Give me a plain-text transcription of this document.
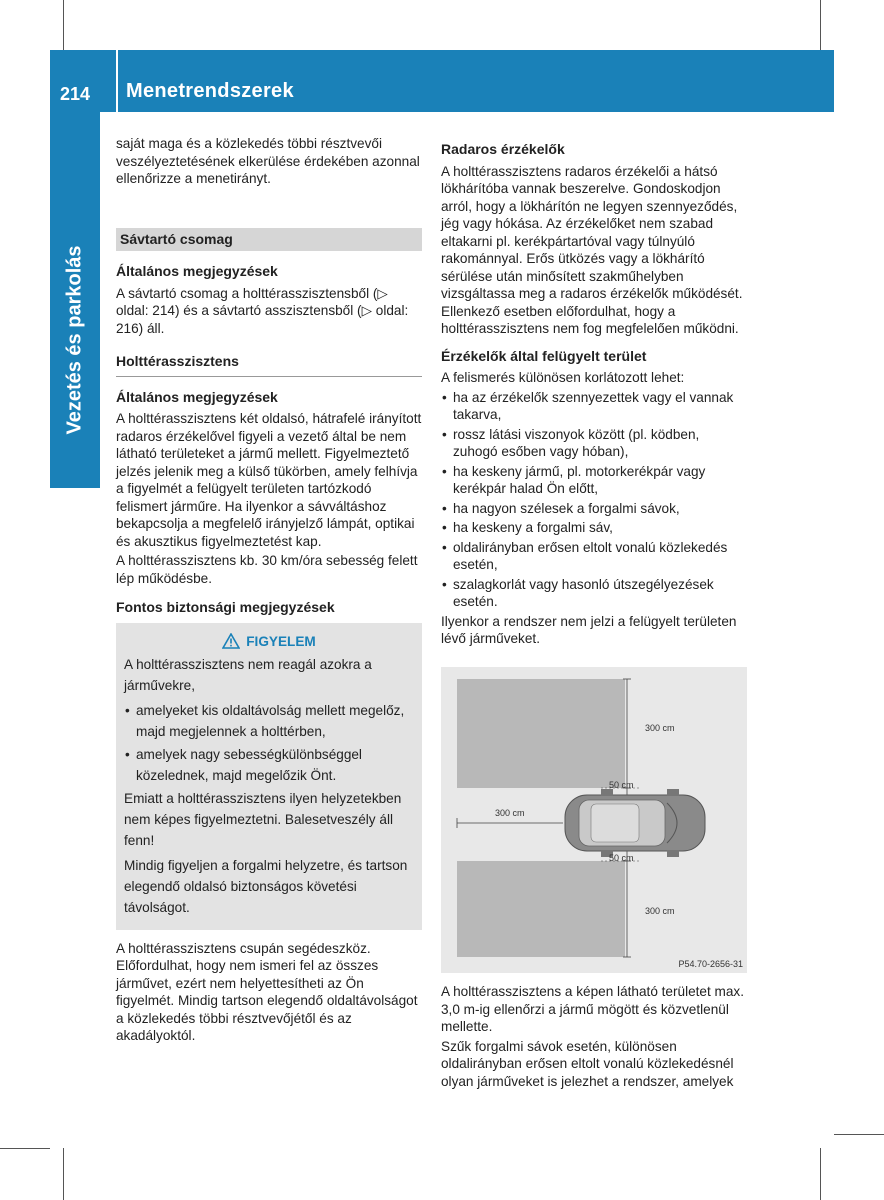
214 Menetrendszerek
Vezetés és parkolás

saját maga és a közlekedés többi résztvevői veszélyeztetésének elkerülése érdekében azonnal ellenőrizze a menetirányt.

Sávtartó csomag
Általános megjegyzések

A sávtartó csomag a holttérasszisztensből (▷ oldal: 214) és a sávtartó asszisztensből (▷ oldal: 216) áll.

Holttérasszisztens
Általános megjegyzések

A holttérasszisztens két oldalsó, hátrafelé irányított radaros érzékelővel figyeli a vezető által be nem látható területeket a jármű mellett. Figyelmeztető jelzés jelenik meg a külső tükörben, amely felhívja a figyelmét a felügyelt területen tartózkodó felismert járműre. Ha ilyenkor a sávváltáshoz bekapcsolja a megfelelő irányjelző lámpát, optikai és akusztikus figyelmeztetést kap.

A holttérasszisztens kb. 30 km/óra sebesség felett lép működésbe.

Fontos biztonsági megjegyzések
FIGYELEM

A holttérasszisztens nem reagál azokra a járművekre,

• amelyeket kis oldaltávolság mellett megelőz, majd megjelennek a holttérben,
• amelyek nagy sebességkülönbséggel közelednek, majd megelőzik Önt.

Emiatt a holttérasszisztens ilyen helyzetekben nem képes figyelmeztetni. Balesetveszély áll fenn!

Mindig figyeljen a forgalmi helyzetre, és tartson elegendő oldalsó biztonságos követési távolságot.

A holttérasszisztens csupán segédeszköz. Előfordulhat, hogy nem ismeri fel az összes járművet, ezért nem helyettesítheti az Ön figyelmét. Mindig tartson elegendő oldaltávolságot a közlekedés többi résztvevőjétől és az akadályoktól.

Radaros érzékelők

A holttérasszisztens radaros érzékelői a hátsó lökhárítóba vannak beszerelve. Gondoskodjon arról, hogy a lökhárítón ne legyen szennyeződés, jég vagy hókása. Az érzékelőket nem szabad eltakarni pl. kerékpártartóval vagy túlnyúló rakománnyal. Erős ütközés vagy a lökhárító sérülése után minősített szakműhelyben vizsgáltassa meg a radaros érzékelők működését. Ellenkező esetben előfordulhat, hogy a holttérasszisztens nem fog megfelelően működni.

Érzékelők által felügyelt terület

A felismerés különösen korlátozott lehet:

• ha az érzékelők szennyezettek vagy el vannak takarva,
• rossz látási viszonyok között (pl. ködben, zuhogó esőben vagy hóban),
• ha keskeny jármű, pl. motorkerékpár vagy kerékpár halad Ön előtt,
• ha nagyon szélesek a forgalmi sávok,
• ha keskeny a forgalmi sáv,
• oldalirányban erősen eltolt vonalú közlekedés esetén,
• szalagkorlát vagy hasonló útszegélyezések esetén.

Ilyenkor a rendszer nem jelzi a felügyelt területen lévő járműveket.

300 cm
50 cm
300 cm
50 cm
300 cm
P54.70-2656-31

A holttérasszisztens a képen látható területet max. 3,0 m-ig ellenőrzi a jármű mögött és közvetlenül mellette.

Szűk forgalmi sávok esetén, különösen oldalirányban erősen eltolt vonalú közlekedésnél olyan járműveket is jelezhet a rendszer, amelyek
